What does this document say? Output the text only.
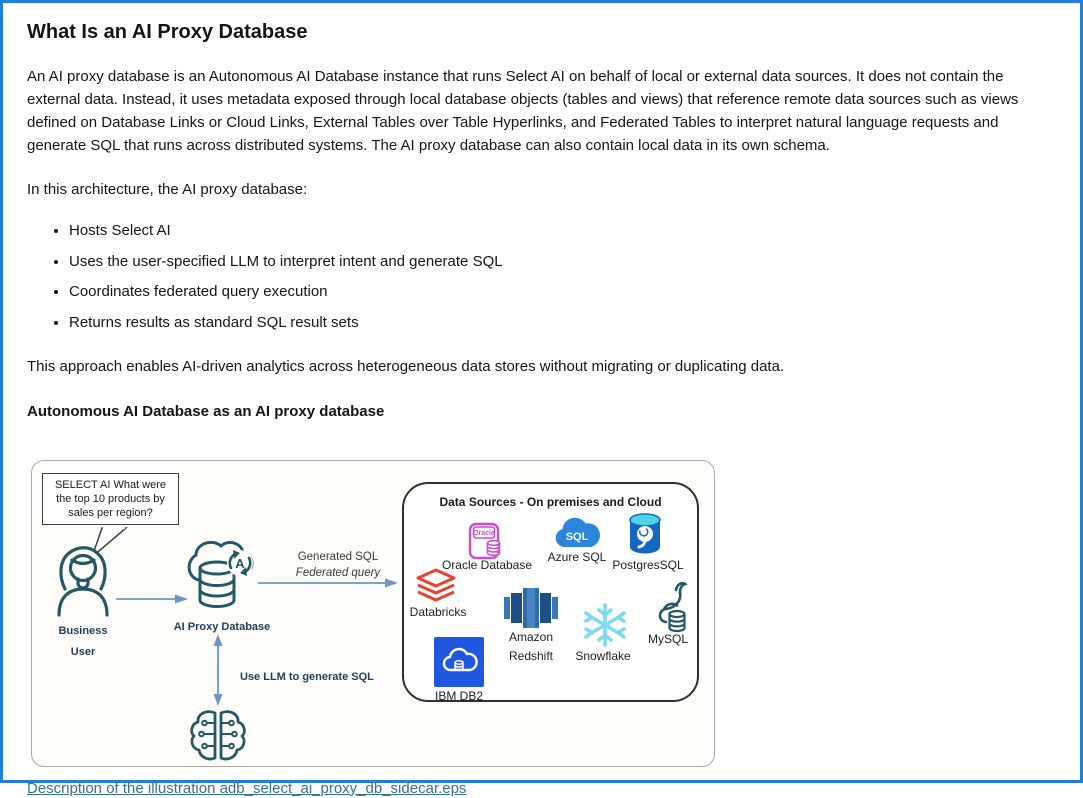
What Is an AI Proxy Database

An AI proxy database is an Autonomous AI Database instance that runs Select AI on behalf of local or external data sources. It does not contain the external data. Instead, it uses metadata exposed through local database objects (tables and views) that reference remote data sources such as views defined on Database Links or Cloud Links, External Tables over Table Hyperlinks, and Federated Tables to interpret natural language requests and generate SQL that runs across distributed systems. The AI proxy database can also contain local data in its own schema.

In this architecture, the AI proxy database:

• Hosts Select AI
• Uses the user-specified LLM to interpret intent and generate SQL
• Coordinates federated query execution
• Returns results as standard SQL result sets

This approach enables AI-driven analytics across heterogeneous data stores without migrating or duplicating data.

Autonomous AI Database as an AI proxy database

SELECT AI What were the top 10 products by sales per region?
Business
User
A
AI Proxy Database
Generated SQL
Federated query
Use LLM to generate SQL
Data Sources - On premises and Cloud
Oracle
Oracle Database
SQL
Azure SQL
PostgresSQL
Databricks
Amazon Redshift	Snowflake
MySQL
IBM DB2
Description of the illustration adb_select_ai_proxy_db_sidecar.eps
